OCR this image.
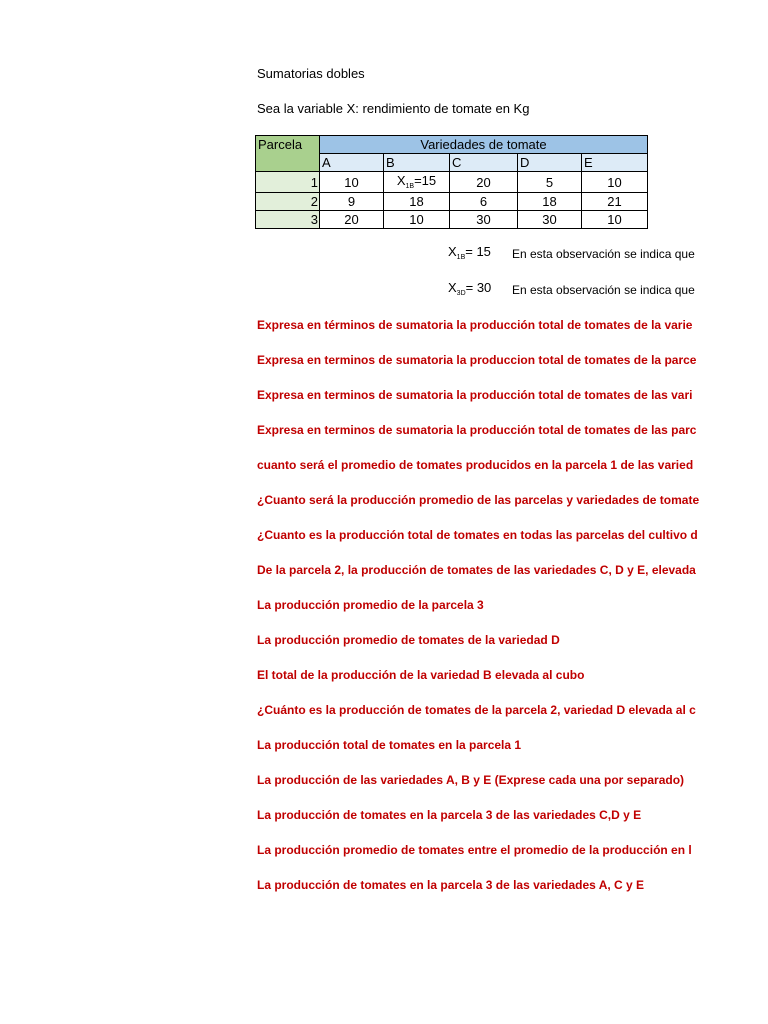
Sumatorias dobles
Sea la variable X: rendimiento de tomate en Kg
Parcela	Variedades de tomate				
	A	B	C	D	E
1	10	$X_{1B}=15$	20	5	10
2	9	18	6	18	21
3	20	10	30	30	10
$X_{1B}= 15$ En esta observación se indica que
$X_{3D}= 30$ En esta observación se indica que
Expresa en términos de sumatoria la producción total de tomates de la varie
Expresa en terminos de sumatoria la produccion total de tomates de la parce
Expresa en terminos de sumatoria la producción total de tomates de las vari
Expresa en terminos de sumatoria la producción total de tomates de las parc
cuanto será el promedio de tomates producidos en la parcela 1 de las varied
¿Cuanto será la producción promedio de las parcelas y variedades de tomate
¿Cuanto es la producción total de tomates en todas las parcelas del cultivo d
De la parcela 2, la producción de tomates de las variedades C, D y E, elevada
La producción promedio de la parcela 3
La producción promedio de tomates de la variedad D
El total de la producción de la variedad B elevada al cubo
¿Cuánto es la producción de tomates de la parcela 2, variedad D elevada al c
La producción total de tomates en la parcela 1
La producción de las variedades A, B y E (Exprese cada una por separado)
La producción de tomates en la parcela 3 de las variedades C,D y E
La producción promedio de tomates entre el promedio de la producción en l
La producción de tomates en la parcela 3 de las variedades A, C y E
